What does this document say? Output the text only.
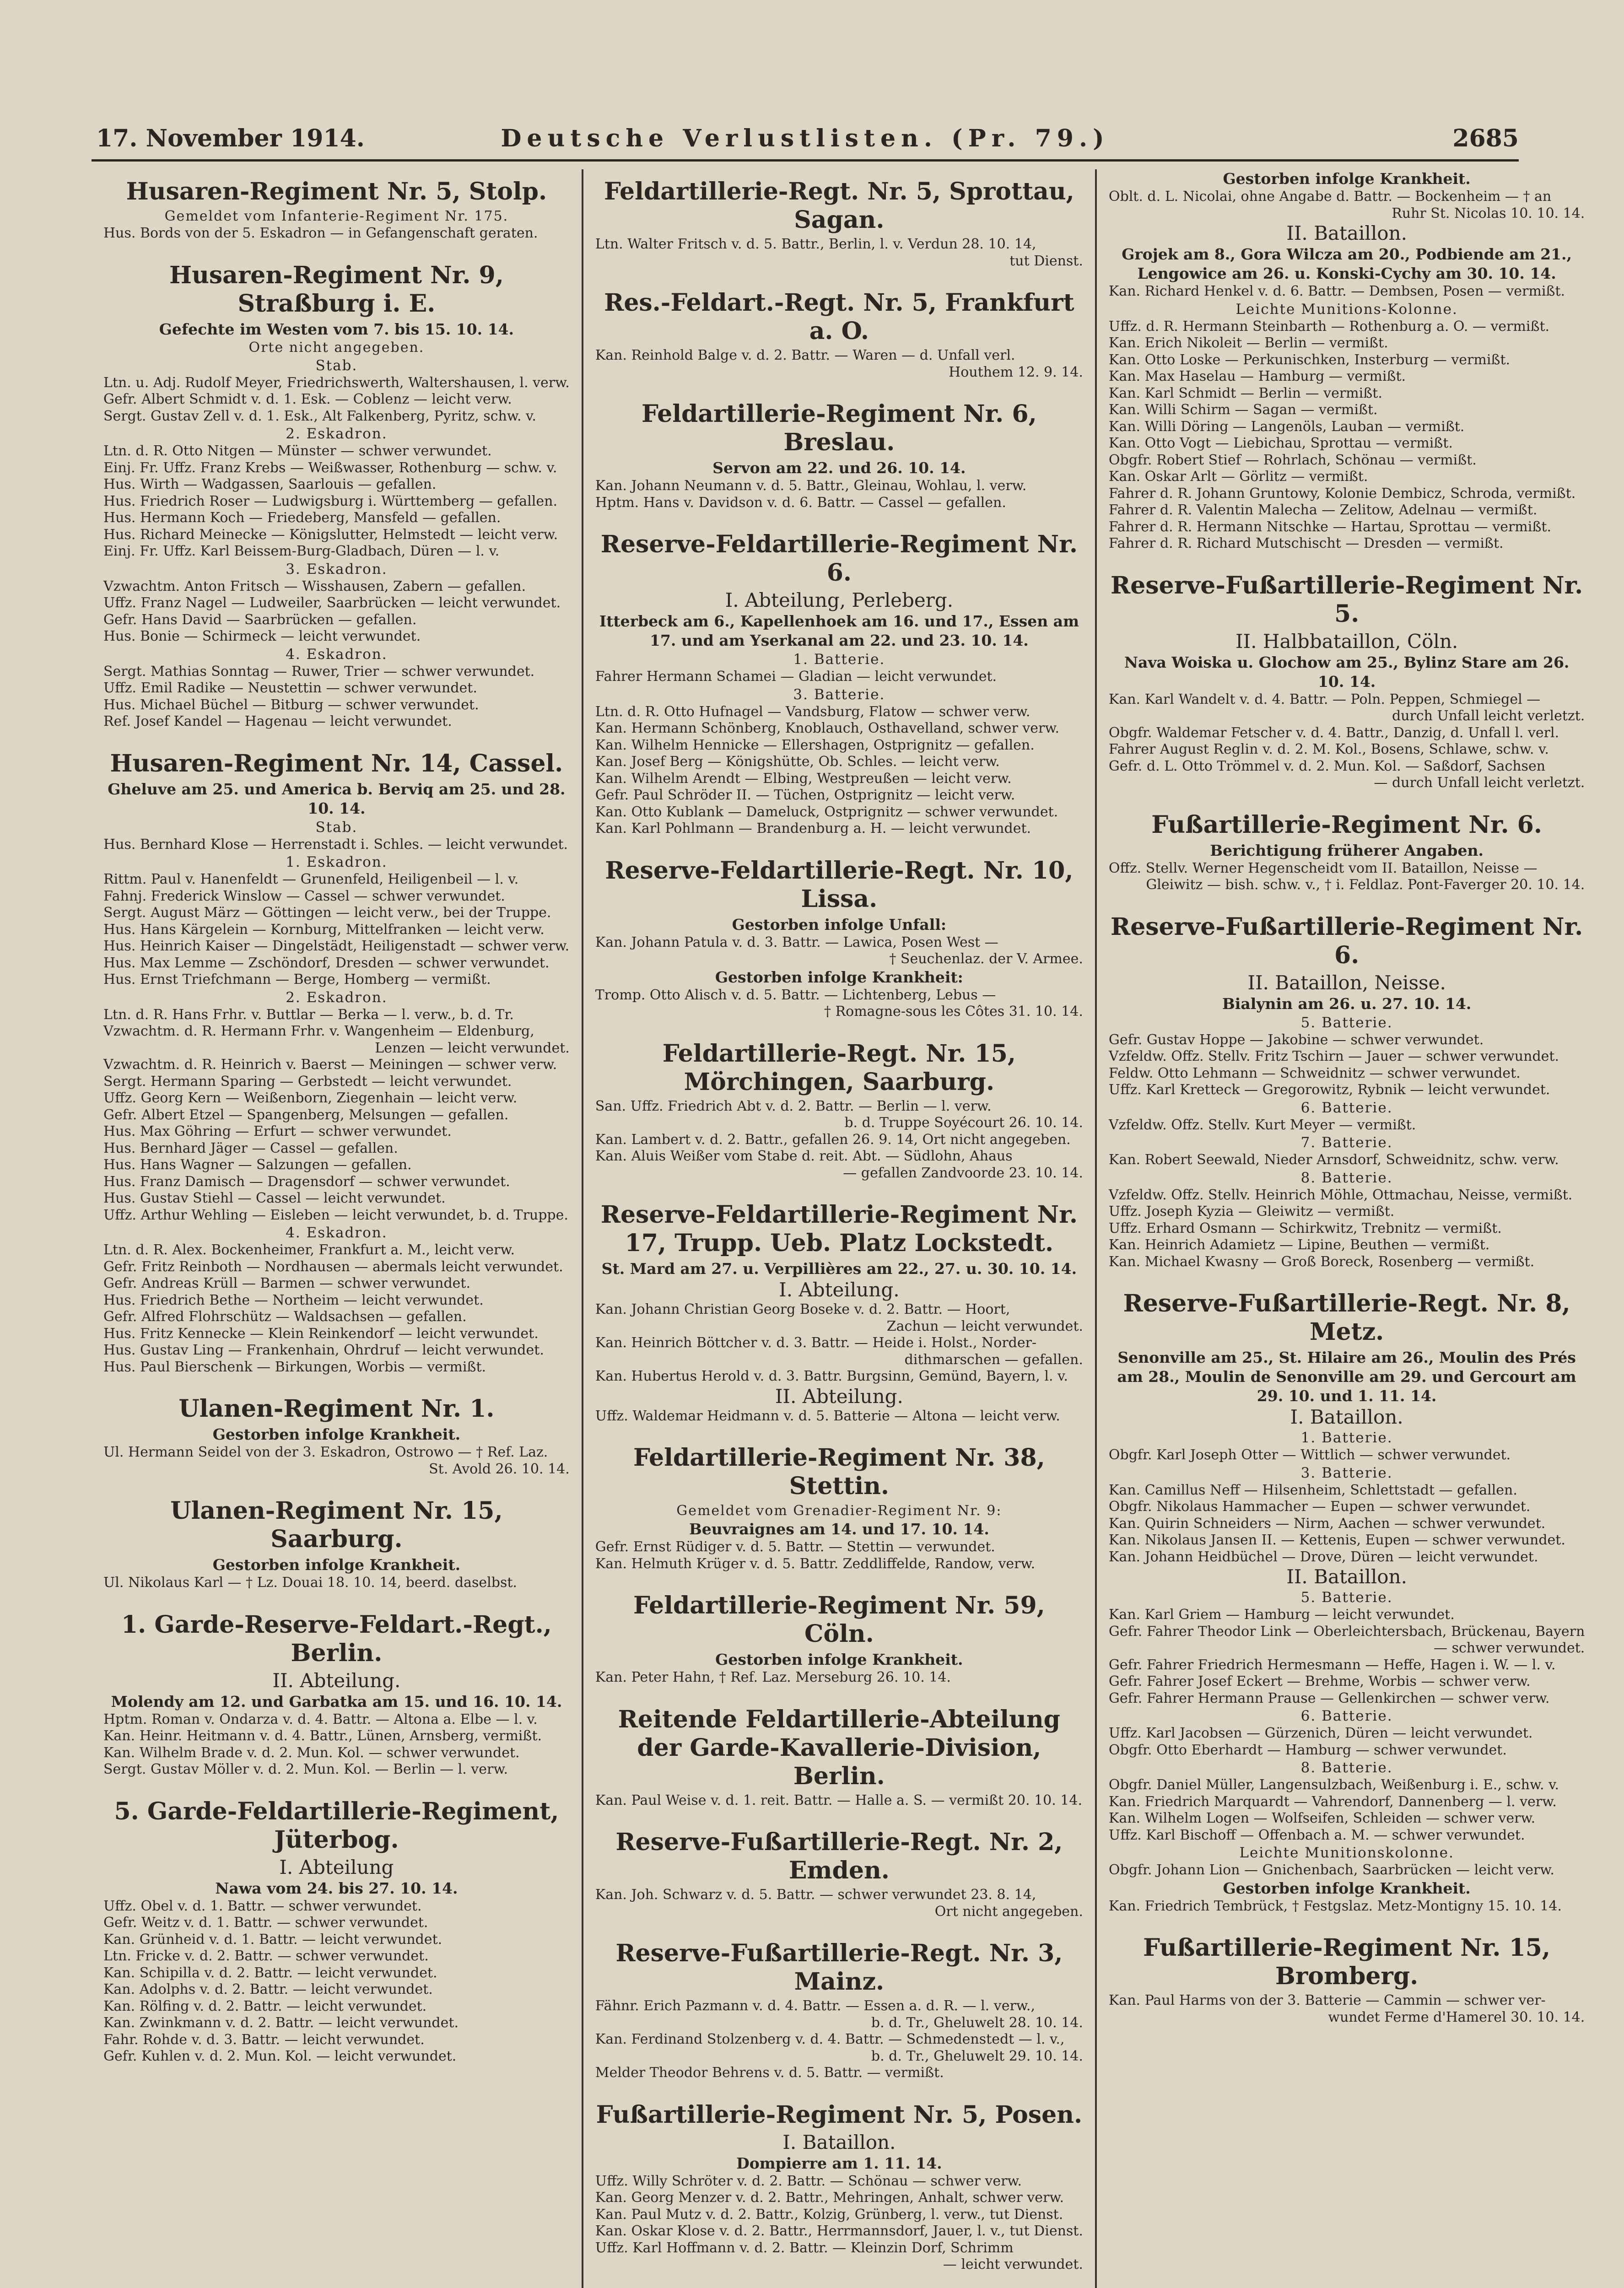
17. November 1914.	Deutsche Verlustlisten. (Pr. 79.)	2685
Husaren-Regiment Nr. 5, Stolp.
Gemeldet vom Infanterie-Regiment Nr. 175.
Hus. Bords von der 5. Eskadron — in Gefangenschaft geraten.
Husaren-Regiment Nr. 9, Straßburg i. E.
Gefechte im Westen vom 7. bis 15. 10. 14.
Orte nicht angegeben.
Stab.
Ltn. u. Adj. Rudolf Meyer, Friedrichswerth, Waltershausen, l. verw.
Gefr. Albert Schmidt v. d. 1. Esk. — Coblenz — leicht verw.
Sergt. Gustav Zell v. d. 1. Esk., Alt Falkenberg, Pyritz, schw. v.
2. Eskadron.
Ltn. d. R. Otto Nitgen — Münster — schwer verwundet.
Einj. Fr. Uffz. Franz Krebs — Weißwasser, Rothenburg — schw. v.
Hus. Wirth — Wadgassen, Saarlouis — gefallen.
Hus. Friedrich Roser — Ludwigsburg i. Württemberg — gefallen.
Hus. Hermann Koch — Friedeberg, Mansfeld — gefallen.
Hus. Richard Meinecke — Königslutter, Helmstedt — leicht verw.
Einj. Fr. Uffz. Karl Beissem-Burg-Gladbach, Düren — l. v.
3. Eskadron.
Vzwachtm. Anton Fritsch — Wisshausen, Zabern — gefallen.
Uffz. Franz Nagel — Ludweiler, Saarbrücken — leicht verwundet.
Gefr. Hans David — Saarbrücken — gefallen.
Hus. Bonie — Schirmeck — leicht verwundet.
4. Eskadron.
Sergt. Mathias Sonntag — Ruwer, Trier — schwer verwundet.
Uffz. Emil Radike — Neustettin — schwer verwundet.
Hus. Michael Büchel — Bitburg — schwer verwundet.
Ref. Josef Kandel — Hagenau — leicht verwundet.
Husaren-Regiment Nr. 14, Cassel.
Gheluve am 25. und America b. Berviq am 25. und 28. 10. 14.
Stab.
Hus. Bernhard Klose — Herrenstadt i. Schles. — leicht verwundet.
1. Eskadron.
Rittm. Paul v. Hanenfeldt — Grunenfeld, Heiligenbeil — l. v.
Fahnj. Frederick Winslow — Cassel — schwer verwundet.
Sergt. August März — Göttingen — leicht verw., bei der Truppe.
Hus. Hans Kärgelein — Kornburg, Mittelfranken — leicht verw.
Hus. Heinrich Kaiser — Dingelstädt, Heiligenstadt — schwer verw.
Hus. Max Lemme — Zschöndorf, Dresden — schwer verwundet.
Hus. Ernst Triefchmann — Berge, Homberg — vermißt.
2. Eskadron.
Ltn. d. R. Hans Frhr. v. Buttlar — Berka — l. verw., b. d. Tr.
Vzwachtm. d. R. Hermann Frhr. v. Wangenheim — Eldenburg,
Lenzen — leicht verwundet.
Vzwachtm. d. R. Heinrich v. Baerst — Meiningen — schwer verw.
Sergt. Hermann Sparing — Gerbstedt — leicht verwundet.
Uffz. Georg Kern — Weißenborn, Ziegenhain — leicht verw.
Gefr. Albert Etzel — Spangenberg, Melsungen — gefallen.
Hus. Max Göhring — Erfurt — schwer verwundet.
Hus. Bernhard Jäger — Cassel — gefallen.
Hus. Hans Wagner — Salzungen — gefallen.
Hus. Franz Damisch — Dragensdorf — schwer verwundet.
Hus. Gustav Stiehl — Cassel — leicht verwundet.
Uffz. Arthur Wehling — Eisleben — leicht verwundet, b. d. Truppe.
4. Eskadron.
Ltn. d. R. Alex. Bockenheimer, Frankfurt a. M., leicht verw.
Gefr. Fritz Reinboth — Nordhausen — abermals leicht verwundet.
Gefr. Andreas Krüll — Barmen — schwer verwundet.
Hus. Friedrich Bethe — Northeim — leicht verwundet.
Gefr. Alfred Flohrschütz — Waldsachsen — gefallen.
Hus. Fritz Kennecke — Klein Reinkendorf — leicht verwundet.
Hus. Gustav Ling — Frankenhain, Ohrdruf — leicht verwundet.
Hus. Paul Bierschenk — Birkungen, Worbis — vermißt.
Ulanen-Regiment Nr. 1.
Gestorben infolge Krankheit.
Ul. Hermann Seidel von der 3. Eskadron, Ostrowo — † Ref. Laz.
St. Avold 26. 10. 14.
Ulanen-Regiment Nr. 15, Saarburg.
Gestorben infolge Krankheit.
Ul. Nikolaus Karl — † Lz. Douai 18. 10. 14, beerd. daselbst.
1. Garde-Reserve-Feldart.-Regt., Berlin.
II. Abteilung.
Molendy am 12. und Garbatka am 15. und 16. 10. 14.
Hptm. Roman v. Ondarza v. d. 4. Battr. — Altona a. Elbe — l. v.
Kan. Heinr. Heitmann v. d. 4. Battr., Lünen, Arnsberg, vermißt.
Kan. Wilhelm Brade v. d. 2. Mun. Kol. — schwer verwundet.
Sergt. Gustav Möller v. d. 2. Mun. Kol. — Berlin — l. verw.
5. Garde-Feldartillerie-Regiment, Jüterbog.
I. Abteilung
Nawa vom 24. bis 27. 10. 14.
Uffz. Obel v. d. 1. Battr. — schwer verwundet.
Gefr. Weitz v. d. 1. Battr. — schwer verwundet.
Kan. Grünheid v. d. 1. Battr. — leicht verwundet.
Ltn. Fricke v. d. 2. Battr. — schwer verwundet.
Kan. Schipilla v. d. 2. Battr. — leicht verwundet.
Kan. Adolphs v. d. 2. Battr. — leicht verwundet.
Kan. Rölfing v. d. 2. Battr. — leicht verwundet.
Kan. Zwinkmann v. d. 2. Battr. — leicht verwundet.
Fahr. Rohde v. d. 3. Battr. — leicht verwundet.
Gefr. Kuhlen v. d. 2. Mun. Kol. — leicht verwundet.
Feldartillerie-Regt. Nr. 5, Sprottau, Sagan.
Ltn. Walter Fritsch v. d. 5. Battr., Berlin, l. v. Verdun 28. 10. 14,
tut Dienst.
Res.-Feldart.-Regt. Nr. 5, Frankfurt a. O.
Kan. Reinhold Balge v. d. 2. Battr. — Waren — d. Unfall verl.
Houthem 12. 9. 14.
Feldartillerie-Regiment Nr. 6, Breslau.
Servon am 22. und 26. 10. 14.
Kan. Johann Neumann v. d. 5. Battr., Gleinau, Wohlau, l. verw.
Hptm. Hans v. Davidson v. d. 6. Battr. — Cassel — gefallen.
Reserve-Feldartillerie-Regiment Nr. 6.
I. Abteilung, Perleberg.
Itterbeck am 6., Kapellenhoek am 16. und 17., Essen am 17. und am Yserkanal am 22. und 23. 10. 14.
1. Batterie.
Fahrer Hermann Schamei — Gladian — leicht verwundet.
3. Batterie.
Ltn. d. R. Otto Hufnagel — Vandsburg, Flatow — schwer verw.
Kan. Hermann Schönberg, Knoblauch, Osthavelland, schwer verw.
Kan. Wilhelm Hennicke — Ellershagen, Ostprignitz — gefallen.
Kan. Josef Berg — Königshütte, Ob. Schles. — leicht verw.
Kan. Wilhelm Arendt — Elbing, Westpreußen — leicht verw.
Gefr. Paul Schröder II. — Tüchen, Ostprignitz — leicht verw.
Kan. Otto Kublank — Dameluck, Ostprignitz — schwer verwundet.
Kan. Karl Pohlmann — Brandenburg a. H. — leicht verwundet.
Reserve-Feldartillerie-Regt. Nr. 10, Lissa.
Gestorben infolge Unfall:
Kan. Johann Patula v. d. 3. Battr. — Lawica, Posen West —
† Seuchenlaz. der V. Armee.
Gestorben infolge Krankheit:
Tromp. Otto Alisch v. d. 5. Battr. — Lichtenberg, Lebus —
† Romagne-sous les Côtes 31. 10. 14.
Feldartillerie-Regt. Nr. 15, Mörchingen, Saarburg.
San. Uffz. Friedrich Abt v. d. 2. Battr. — Berlin — l. verw.
b. d. Truppe Soyécourt 26. 10. 14.
Kan. Lambert v. d. 2. Battr., gefallen 26. 9. 14, Ort nicht angegeben.
Kan. Aluis Weißer vom Stabe d. reit. Abt. — Südlohn, Ahaus
— gefallen Zandvoorde 23. 10. 14.
Reserve-Feldartillerie-Regiment Nr. 17, Trupp. Ueb. Platz Lockstedt.
St. Mard am 27. u. Verpillières am 22., 27. u. 30. 10. 14.
I. Abteilung.
Kan. Johann Christian Georg Boseke v. d. 2. Battr. — Hoort,
Zachun — leicht verwundet.
Kan. Heinrich Böttcher v. d. 3. Battr. — Heide i. Holst., Norder-
dithmarschen — gefallen.
Kan. Hubertus Herold v. d. 3. Battr. Burgsinn, Gemünd, Bayern, l. v.
II. Abteilung.
Uffz. Waldemar Heidmann v. d. 5. Batterie — Altona — leicht verw.
Feldartillerie-Regiment Nr. 38, Stettin.
Gemeldet vom Grenadier-Regiment Nr. 9:
Beuvraignes am 14. und 17. 10. 14.
Gefr. Ernst Rüdiger v. d. 5. Battr. — Stettin — verwundet.
Kan. Helmuth Krüger v. d. 5. Battr. Zeddliffelde, Randow, verw.
Feldartillerie-Regiment Nr. 59, Cöln.
Gestorben infolge Krankheit.
Kan. Peter Hahn, † Ref. Laz. Merseburg 26. 10. 14.
Reitende Feldartillerie-Abteilung der Garde-Kavallerie-Division, Berlin.
Kan. Paul Weise v. d. 1. reit. Battr. — Halle a. S. — vermißt 20. 10. 14.
Reserve-Fußartillerie-Regt. Nr. 2, Emden.
Kan. Joh. Schwarz v. d. 5. Battr. — schwer verwundet 23. 8. 14,
Ort nicht angegeben.
Reserve-Fußartillerie-Regt. Nr. 3, Mainz.
Fähnr. Erich Pazmann v. d. 4. Battr. — Essen a. d. R. — l. verw.,
b. d. Tr., Gheluwelt 28. 10. 14.
Kan. Ferdinand Stolzenberg v. d. 4. Battr. — Schmedenstedt — l. v.,
b. d. Tr., Gheluwelt 29. 10. 14.
Melder Theodor Behrens v. d. 5. Battr. — vermißt.
Fußartillerie-Regiment Nr. 5, Posen.
I. Bataillon.
Dompierre am 1. 11. 14.
Uffz. Willy Schröter v. d. 2. Battr. — Schönau — schwer verw.
Kan. Georg Menzer v. d. 2. Battr., Mehringen, Anhalt, schwer verw.
Kan. Paul Mutz v. d. 2. Battr., Kolzig, Grünberg, l. verw., tut Dienst.
Kan. Oskar Klose v. d. 2. Battr., Herrmannsdorf, Jauer, l. v., tut Dienst.
Uffz. Karl Hoffmann v. d. 2. Battr. — Kleinzin Dorf, Schrimm
— leicht verwundet.
Gestorben infolge Krankheit.
Oblt. d. L. Nicolai, ohne Angabe d. Battr. — Bockenheim — † an
Ruhr St. Nicolas 10. 10. 14.
II. Bataillon.
Grojek am 8., Gora Wilcza am 20., Podbiende am 21., Lengowice am 26. u. Konski-Cychy am 30. 10. 14.
Kan. Richard Henkel v. d. 6. Battr. — Dembsen, Posen — vermißt.
Leichte Munitions-Kolonne.
Uffz. d. R. Hermann Steinbarth — Rothenburg a. O. — vermißt.
Kan. Erich Nikoleit — Berlin — vermißt.
Kan. Otto Loske — Perkunischken, Insterburg — vermißt.
Kan. Max Haselau — Hamburg — vermißt.
Kan. Karl Schmidt — Berlin — vermißt.
Kan. Willi Schirm — Sagan — vermißt.
Kan. Willi Döring — Langenöls, Lauban — vermißt.
Kan. Otto Vogt — Liebichau, Sprottau — vermißt.
Obgfr. Robert Stief — Rohrlach, Schönau — vermißt.
Kan. Oskar Arlt — Görlitz — vermißt.
Fahrer d. R. Johann Gruntowy, Kolonie Dembicz, Schroda, vermißt.
Fahrer d. R. Valentin Malecha — Zelitow, Adelnau — vermißt.
Fahrer d. R. Hermann Nitschke — Hartau, Sprottau — vermißt.
Fahrer d. R. Richard Mutschischt — Dresden — vermißt.
Reserve-Fußartillerie-Regiment Nr. 5.
II. Halbbataillon, Cöln.
Nava Woiska u. Glochow am 25., Bylinz Stare am 26. 10. 14.
Kan. Karl Wandelt v. d. 4. Battr. — Poln. Peppen, Schmiegel —
durch Unfall leicht verletzt.
Obgfr. Waldemar Fetscher v. d. 4. Battr., Danzig, d. Unfall l. verl.
Fahrer August Reglin v. d. 2. M. Kol., Bosens, Schlawe, schw. v.
Gefr. d. L. Otto Trömmel v. d. 2. Mun. Kol. — Saßdorf, Sachsen
— durch Unfall leicht verletzt.
Fußartillerie-Regiment Nr. 6.
Berichtigung früherer Angaben.
Offz. Stellv. Werner Hegenscheidt vom II. Bataillon, Neisse —
Gleiwitz — bish. schw. v., † i. Feldlaz. Pont-Faverger 20. 10. 14.
Reserve-Fußartillerie-Regiment Nr. 6.
II. Bataillon, Neisse.
Bialynin am 26. u. 27. 10. 14.
5. Batterie.
Gefr. Gustav Hoppe — Jakobine — schwer verwundet.
Vzfeldw. Offz. Stellv. Fritz Tschirn — Jauer — schwer verwundet.
Feldw. Otto Lehmann — Schweidnitz — schwer verwundet.
Uffz. Karl Kretteck — Gregorowitz, Rybnik — leicht verwundet.
6. Batterie.
Vzfeldw. Offz. Stellv. Kurt Meyer — vermißt.
7. Batterie.
Kan. Robert Seewald, Nieder Arnsdorf, Schweidnitz, schw. verw.
8. Batterie.
Vzfeldw. Offz. Stellv. Heinrich Möhle, Ottmachau, Neisse, vermißt.
Uffz. Joseph Kyzia — Gleiwitz — vermißt.
Uffz. Erhard Osmann — Schirkwitz, Trebnitz — vermißt.
Kan. Heinrich Adamietz — Lipine, Beuthen — vermißt.
Kan. Michael Kwasny — Groß Boreck, Rosenberg — vermißt.
Reserve-Fußartillerie-Regt. Nr. 8, Metz.
Senonville am 25., St. Hilaire am 26., Moulin des Prés am 28., Moulin de Senonville am 29. und Gercourt am 29. 10. und 1. 11. 14.
I. Bataillon.
1. Batterie.
Obgfr. Karl Joseph Otter — Wittlich — schwer verwundet.
3. Batterie.
Kan. Camillus Neff — Hilsenheim, Schlettstadt — gefallen.
Obgfr. Nikolaus Hammacher — Eupen — schwer verwundet.
Kan. Quirin Schneiders — Nirm, Aachen — schwer verwundet.
Kan. Nikolaus Jansen II. — Kettenis, Eupen — schwer verwundet.
Kan. Johann Heidbüchel — Drove, Düren — leicht verwundet.
II. Bataillon.
5. Batterie.
Kan. Karl Griem — Hamburg — leicht verwundet.
Gefr. Fahrer Theodor Link — Oberleichtersbach, Brückenau, Bayern
— schwer verwundet.
Gefr. Fahrer Friedrich Hermesmann — Heffe, Hagen i. W. — l. v.
Gefr. Fahrer Josef Eckert — Brehme, Worbis — schwer verw.
Gefr. Fahrer Hermann Prause — Gellenkirchen — schwer verw.
6. Batterie.
Uffz. Karl Jacobsen — Gürzenich, Düren — leicht verwundet.
Obgfr. Otto Eberhardt — Hamburg — schwer verwundet.
8. Batterie.
Obgfr. Daniel Müller, Langensulzbach, Weißenburg i. E., schw. v.
Kan. Friedrich Marquardt — Vahrendorf, Dannenberg — l. verw.
Kan. Wilhelm Logen — Wolfseifen, Schleiden — schwer verw.
Uffz. Karl Bischoff — Offenbach a. M. — schwer verwundet.
Leichte Munitionskolonne.
Obgfr. Johann Lion — Gnichenbach, Saarbrücken — leicht verw.
Gestorben infolge Krankheit.
Kan. Friedrich Tembrück, † Festgslaz. Metz-Montigny 15. 10. 14.
Fußartillerie-Regiment Nr. 15, Bromberg.
Kan. Paul Harms von der 3. Batterie — Cammin — schwer ver-
wundet Ferme d'Hamerel 30. 10. 14.
